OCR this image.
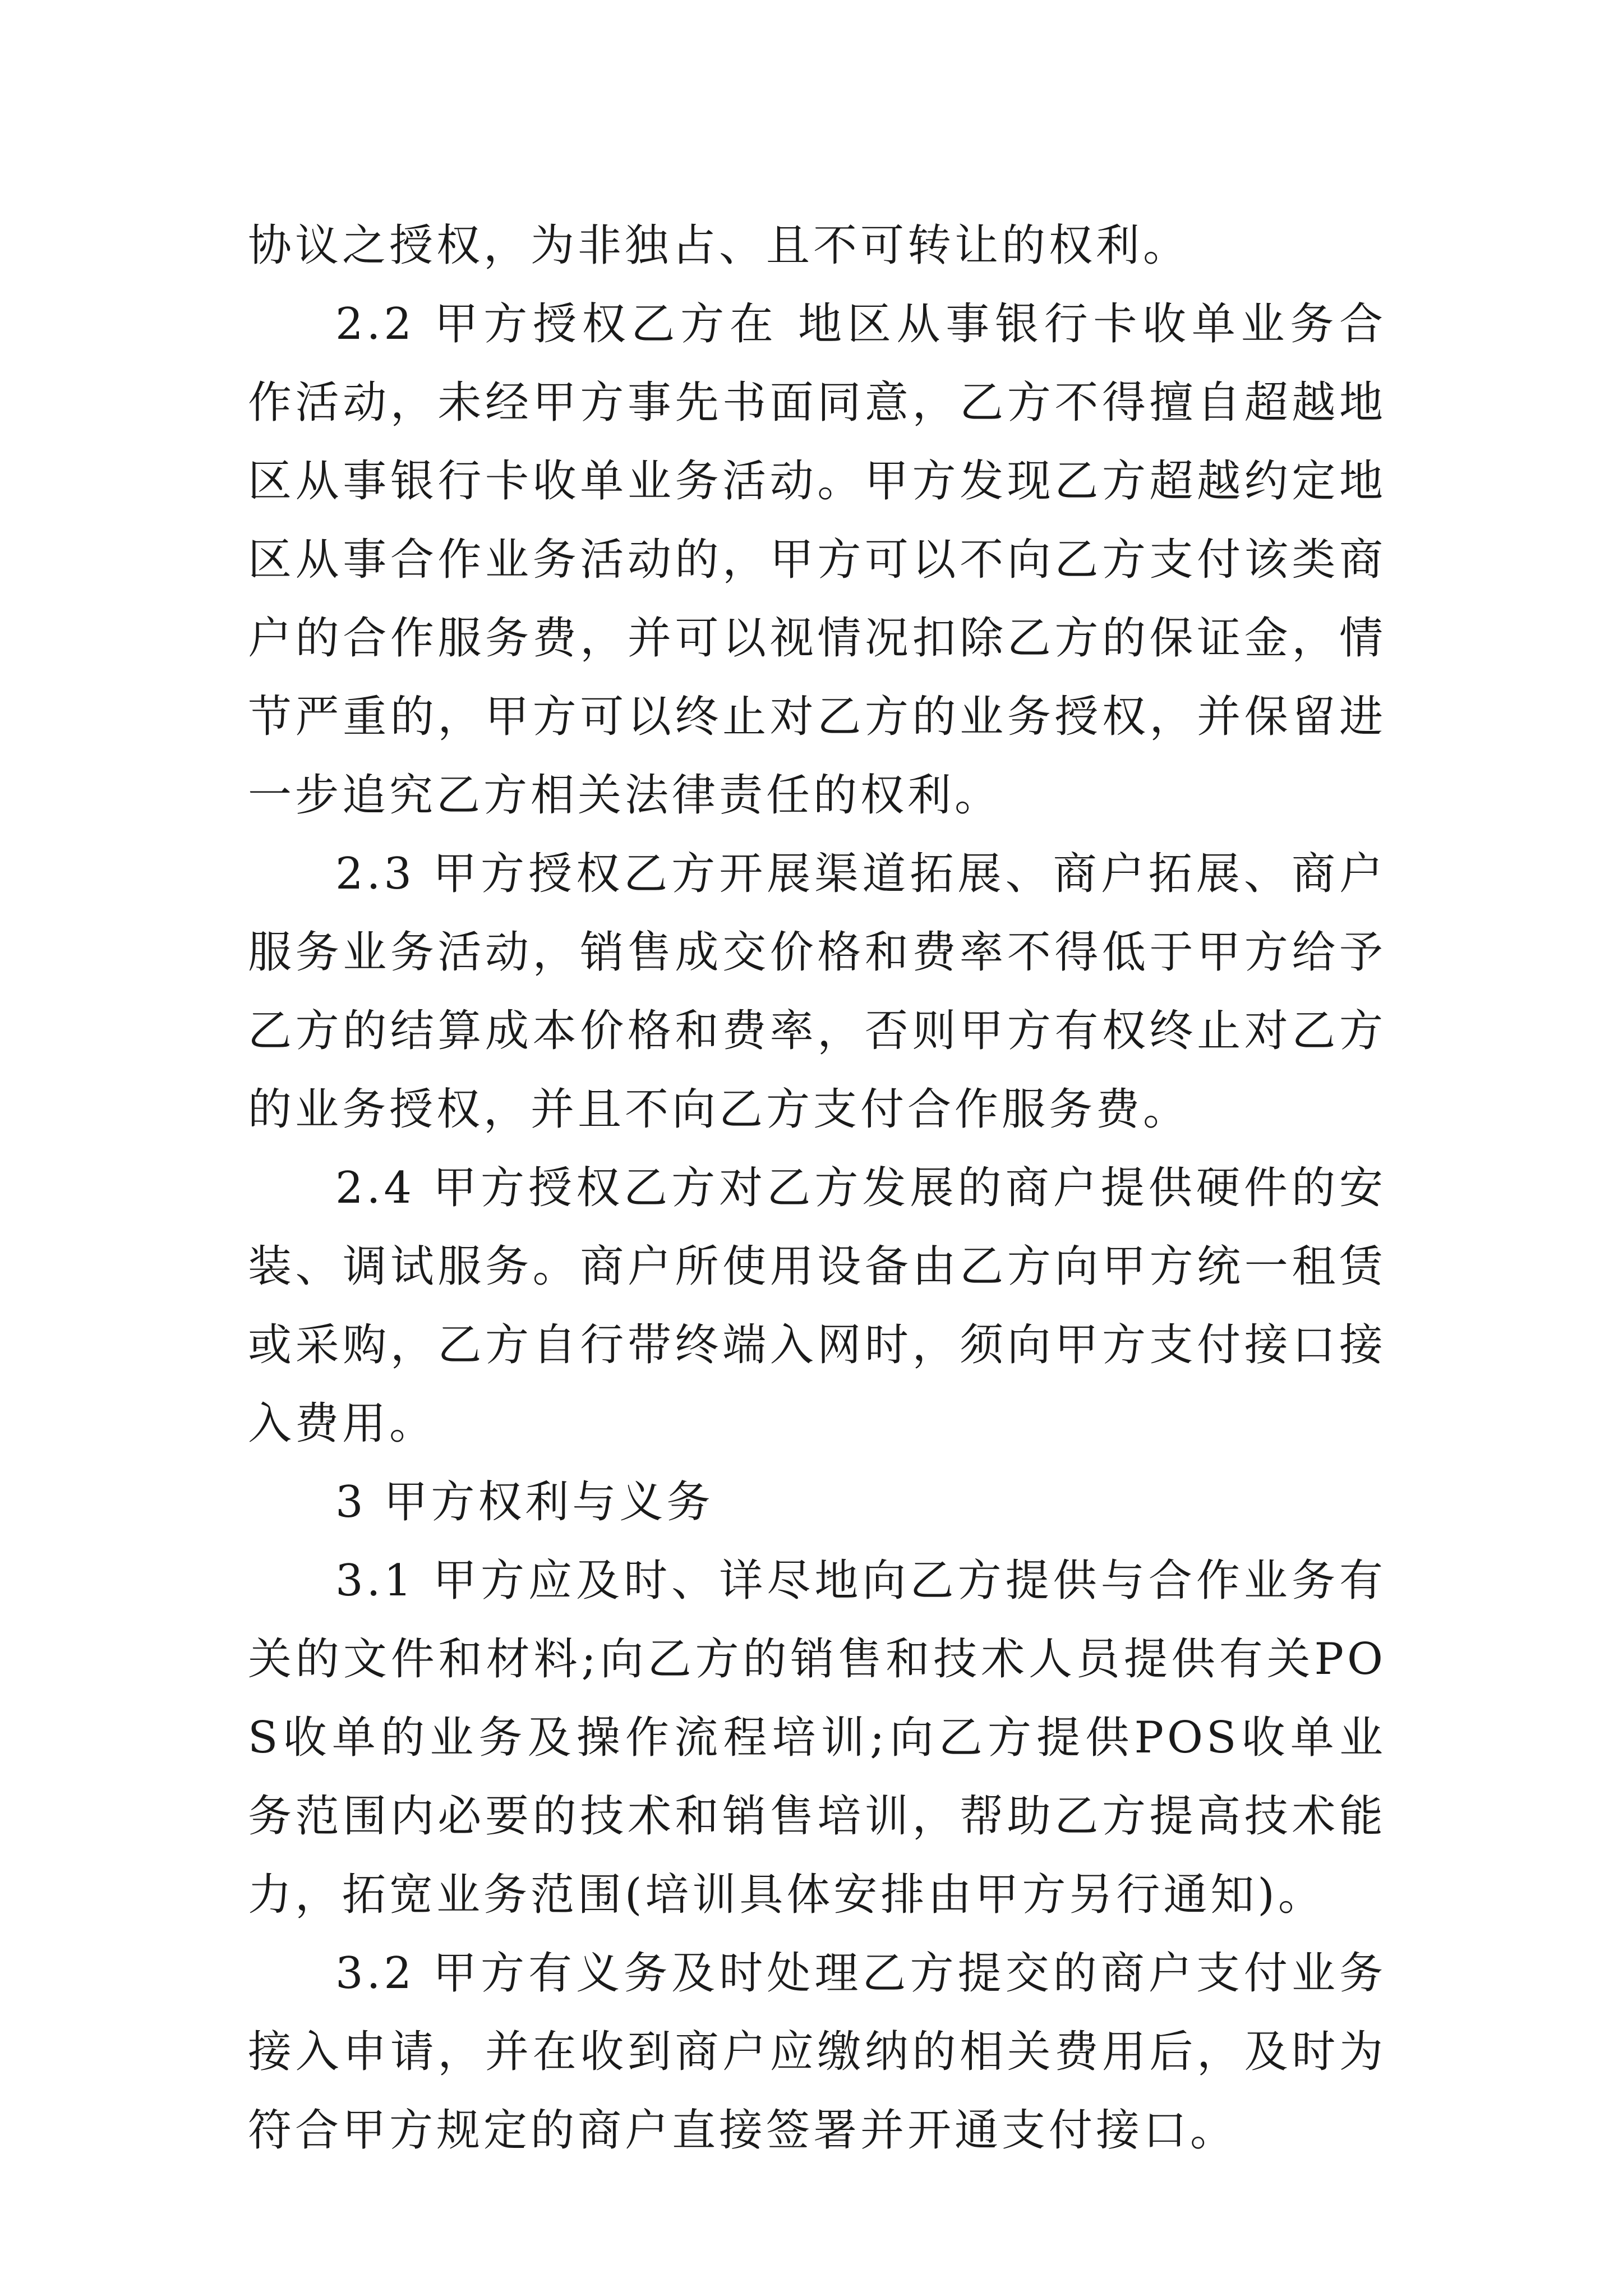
协议之授权，为非独占、且不可转让的权利。

2.2 甲方授权乙方在 地区从事银行卡收单业务合作活动，未经甲方事先书面同意，乙方不得擅自超越地区从事银行卡收单业务活动。甲方发现乙方超越约定地区从事合作业务活动的，甲方可以不向乙方支付该类商户的合作服务费，并可以视情况扣除乙方的保证金，情节严重的，甲方可以终止对乙方的业务授权，并保留进一步追究乙方相关法律责任的权利。

2.3 甲方授权乙方开展渠道拓展、商户拓展、商户服务业务活动，销售成交价格和费率不得低于甲方给予乙方的结算成本价格和费率，否则甲方有权终止对乙方的业务授权，并且不向乙方支付合作服务费。

2.4 甲方授权乙方对乙方发展的商户提供硬件的安装、调试服务。商户所使用设备由乙方向甲方统一租赁或采购，乙方自行带终端入网时，须向甲方支付接口接入费用。

3 甲方权利与义务

3.1 甲方应及时、详尽地向乙方提供与合作业务有关的文件和材料;向乙方的销售和技术人员提供有关POS收单的业务及操作流程培训;向乙方提供POS收单业务范围内必要的技术和销售培训，帮助乙方提高技术能力，拓宽业务范围(培训具体安排由甲方另行通知)。

3.2 甲方有义务及时处理乙方提交的商户支付业务接入申请，并在收到商户应缴纳的相关费用后，及时为符合甲方规定的商户直接签署并开通支付接口。
